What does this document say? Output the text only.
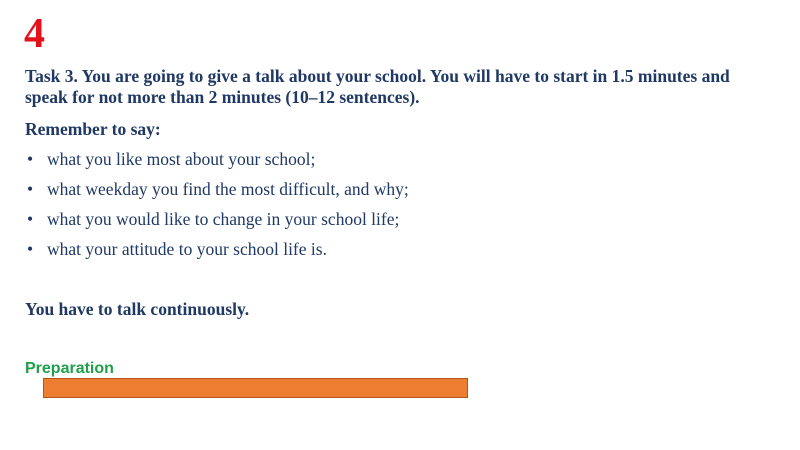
4
Task 3. You are going to give a talk about your school. You will have to start in 1.5 minutes and speak for not more than 2 minutes (10–12 sentences).
Remember to say:
• what you like most about your school;
• what weekday you find the most difficult, and why;
• what you would like to change in your school life;
• what your attitude to your school life is.
You have to talk continuously.
Preparation
